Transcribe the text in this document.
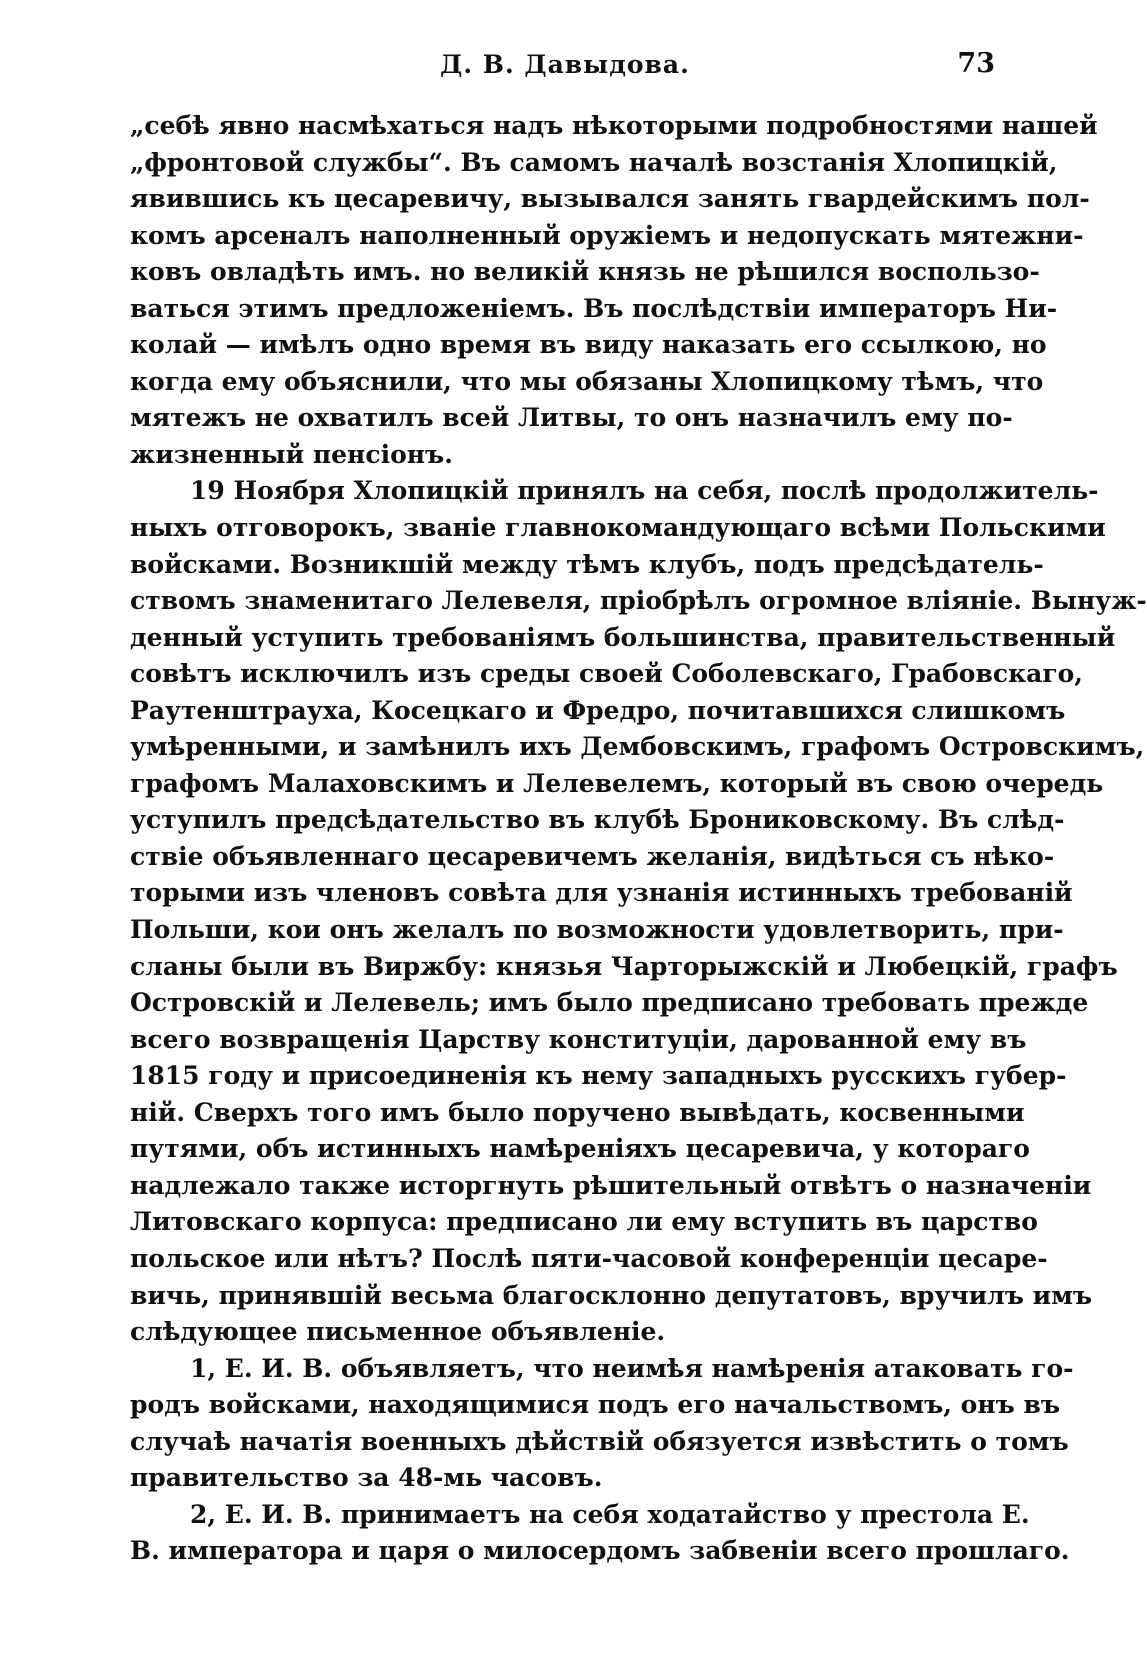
Д. В. Давыдова.	73
„себѣ явно насмѣхаться надъ нѣкоторыми подробностями нашей
„фронтовой службы“. Въ самомъ началѣ возстанія Хлопицкій,
явившись къ цесаревичу, вызывался занять гвардейскимъ пол-
комъ арсеналъ наполненный оружіемъ и недопускать мятежни-
ковъ овладѣть имъ. но великій князь не рѣшился воспользо-
ваться этимъ предложеніемъ. Въ послѣдствіи императоръ Ни-
колай — имѣлъ одно время въ виду наказать его ссылкою, но
когда ему объяснили, что мы обязаны Хлопицкому тѣмъ, что
мятежъ не охватилъ всей Литвы, то онъ назначилъ ему по-
жизненный пенсіонъ.
19 Ноября Хлопицкій принялъ на себя, послѣ продолжитель-
ныхъ отговорокъ, званіе главнокомандующаго всѣми Польскими
войсками. Возникшій между тѣмъ клубъ, подъ предсѣдатель-
ствомъ знаменитаго Лелевеля, пріобрѣлъ огромное вліяніе. Вынуж-
денный уступить требованіямъ большинства, правительственный
совѣтъ исключилъ изъ среды своей Соболевскаго, Грабовскаго,
Раутенштрауха, Косецкаго и Фредро, почитавшихся слишкомъ
умѣренными, и замѣнилъ ихъ Дембовскимъ, графомъ Островскимъ,
графомъ Малаховскимъ и Лелевелемъ, который въ свою очередь
уступилъ предсѣдательство въ клубѣ Брониковскому. Въ слѣд-
ствіе объявленнаго цесаревичемъ желанія, видѣться съ нѣко-
торыми изъ членовъ совѣта для узнанія истинныхъ требованій
Польши, кои онъ желалъ по возможности удовлетворить, при-
сланы были въ Виржбу: князья Чарторыжскій и Любецкій, графъ
Островскій и Лелевель; имъ было предписано требовать прежде
всего возвращенія Царству конституціи, дарованной ему въ
1815 году и присоединенія къ нему западныхъ русскихъ губер-
ній. Сверхъ того имъ было поручено вывѣдать, косвенными
путями, объ истинныхъ намѣреніяхъ цесаревича, у котораго
надлежало также исторгнуть рѣшительный отвѣтъ о назначеніи
Литовскаго корпуса: предписано ли ему вступить въ царство
польское или нѣтъ? Послѣ пяти-часовой конференціи цесаре-
вичь, принявшій весьма благосклонно депутатовъ, вручилъ имъ
слѣдующее письменное объявленіе.
1, Е. И. В. объявляетъ, что неимѣя намѣренія атаковать го-
родъ войсками, находящимися подъ его начальствомъ, онъ въ
случаѣ начатія военныхъ дѣйствій обязуется извѣстить о томъ
правительство за 48-мь часовъ.
2, Е. И. В. принимаетъ на себя ходатайство у престола Е.
В. императора и царя о милосердомъ забвеніи всего прошлаго.
